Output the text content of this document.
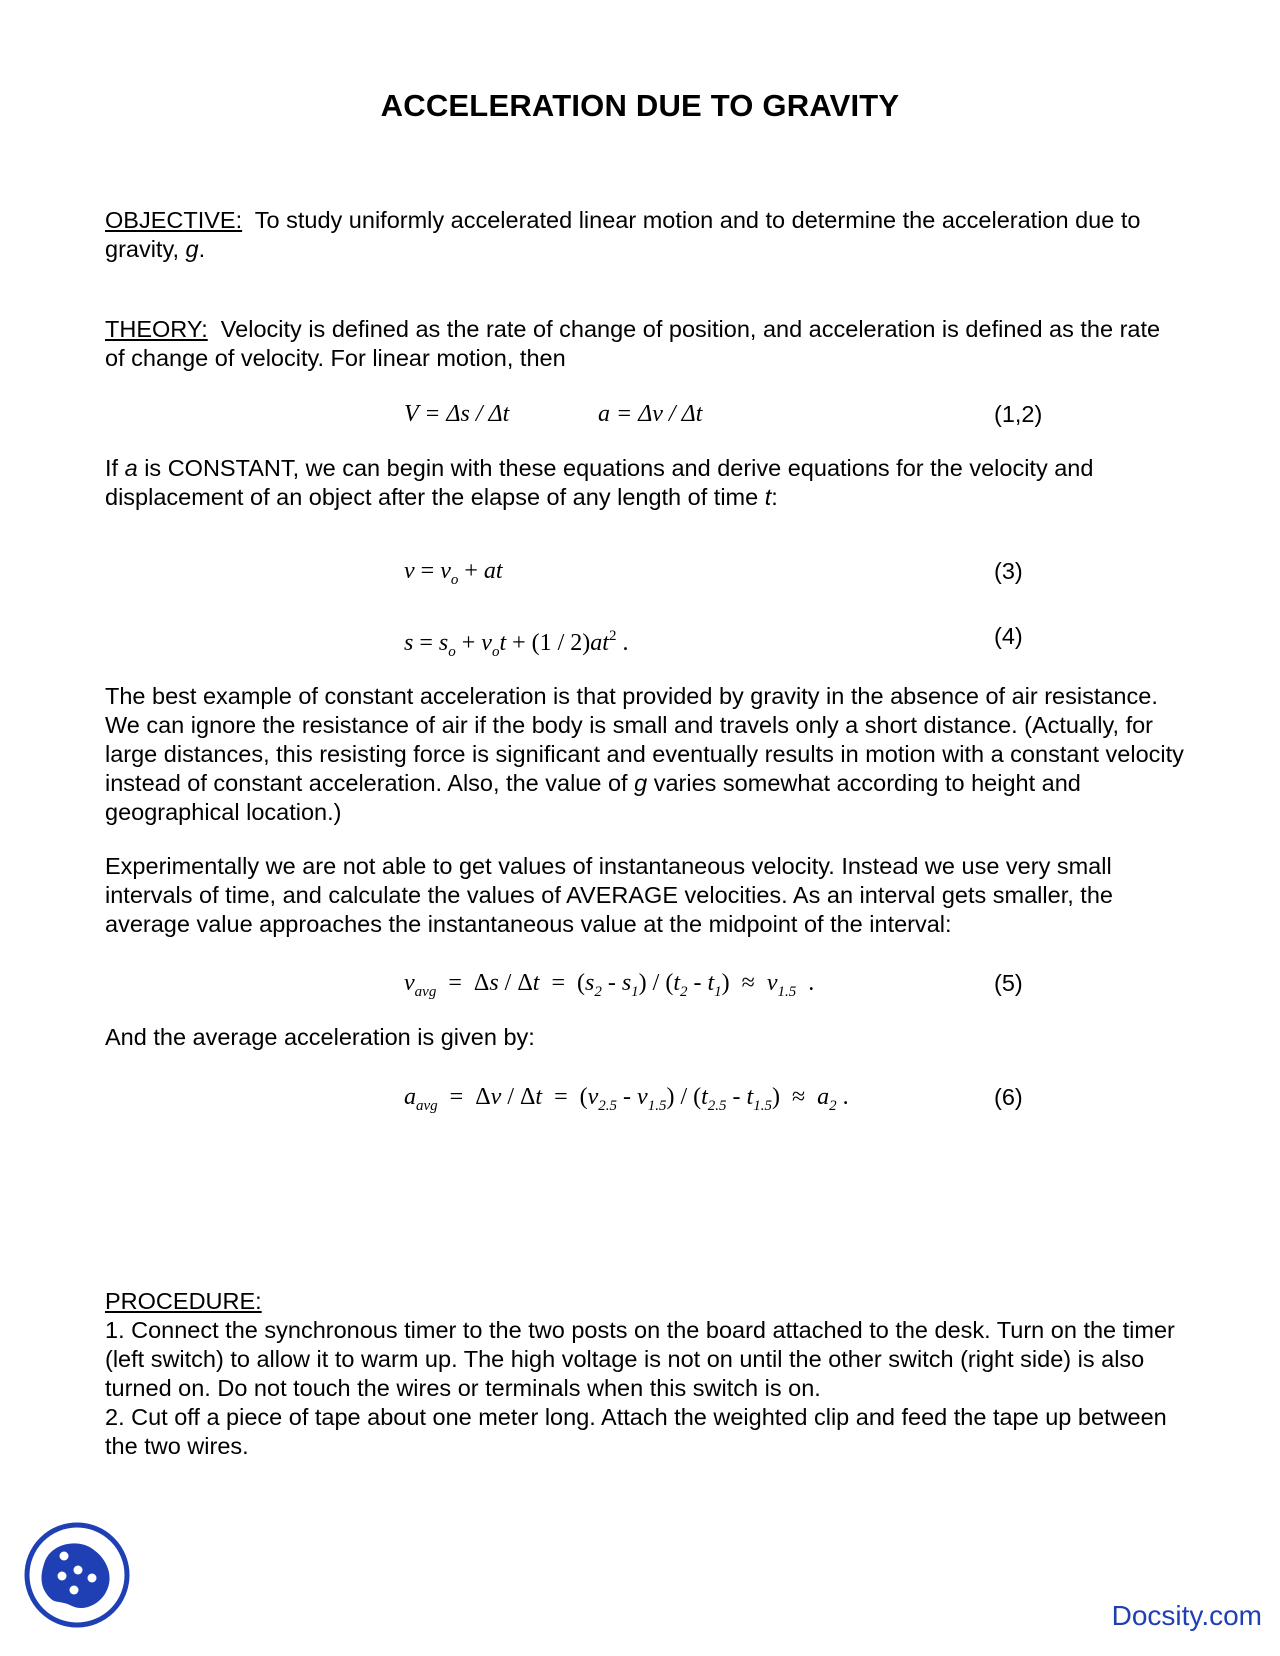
ACCELERATION DUE TO GRAVITY

OBJECTIVE: To study uniformly accelerated linear motion and to determine the acceleration due to gravity, g.

THEORY: Velocity is defined as the rate of change of position, and acceleration is defined as the rate of change of velocity. For linear motion, then

V = Δs / Δt	a = Δv / Δt	(1,2)

If a is CONSTANT, we can begin with these equations and derive equations for the velocity and displacement of an object after the elapse of any length of time t:

$v = v_o$ + at	(3)
$s = s_o + v_ot + (1 / 2)at^2$ .	(4)

The best example of constant acceleration is that provided by gravity in the absence of air resistance. We can ignore the resistance of air if the body is small and travels only a short distance. (Actually, for large distances, this resisting force is significant and eventually results in motion with a constant velocity instead of constant acceleration. Also, the value of g varies somewhat according to height and geographical location.)

Experimentally we are not able to get values of instantaneous velocity. Instead we use very small intervals of time, and calculate the values of AVERAGE velocities. As an interval gets smaller, the average value approaches the instantaneous value at the midpoint of the interval:

$v_{avg} = \Delta s / \Delta t = (s_2 - s_1) / (t_2 - t_1) \approx v_{1.5}$ .	(5)

And the average acceleration is given by:

$a_{avg} = \Delta v / \Delta t = (v_{2.5} - v_{1.5}) / (t_{2.5} - t_{1.5}) \approx a_2$ .	(6)

PROCEDURE:
1. Connect the synchronous timer to the two posts on the board attached to the desk. Turn on the timer (left switch) to allow it to warm up. The high voltage is not on until the other switch (right side) is also turned on. Do not touch the wires or terminals when this switch is on.
2. Cut off a piece of tape about one meter long. Attach the weighted clip and feed the tape up between the two wires.

Docsity.com
